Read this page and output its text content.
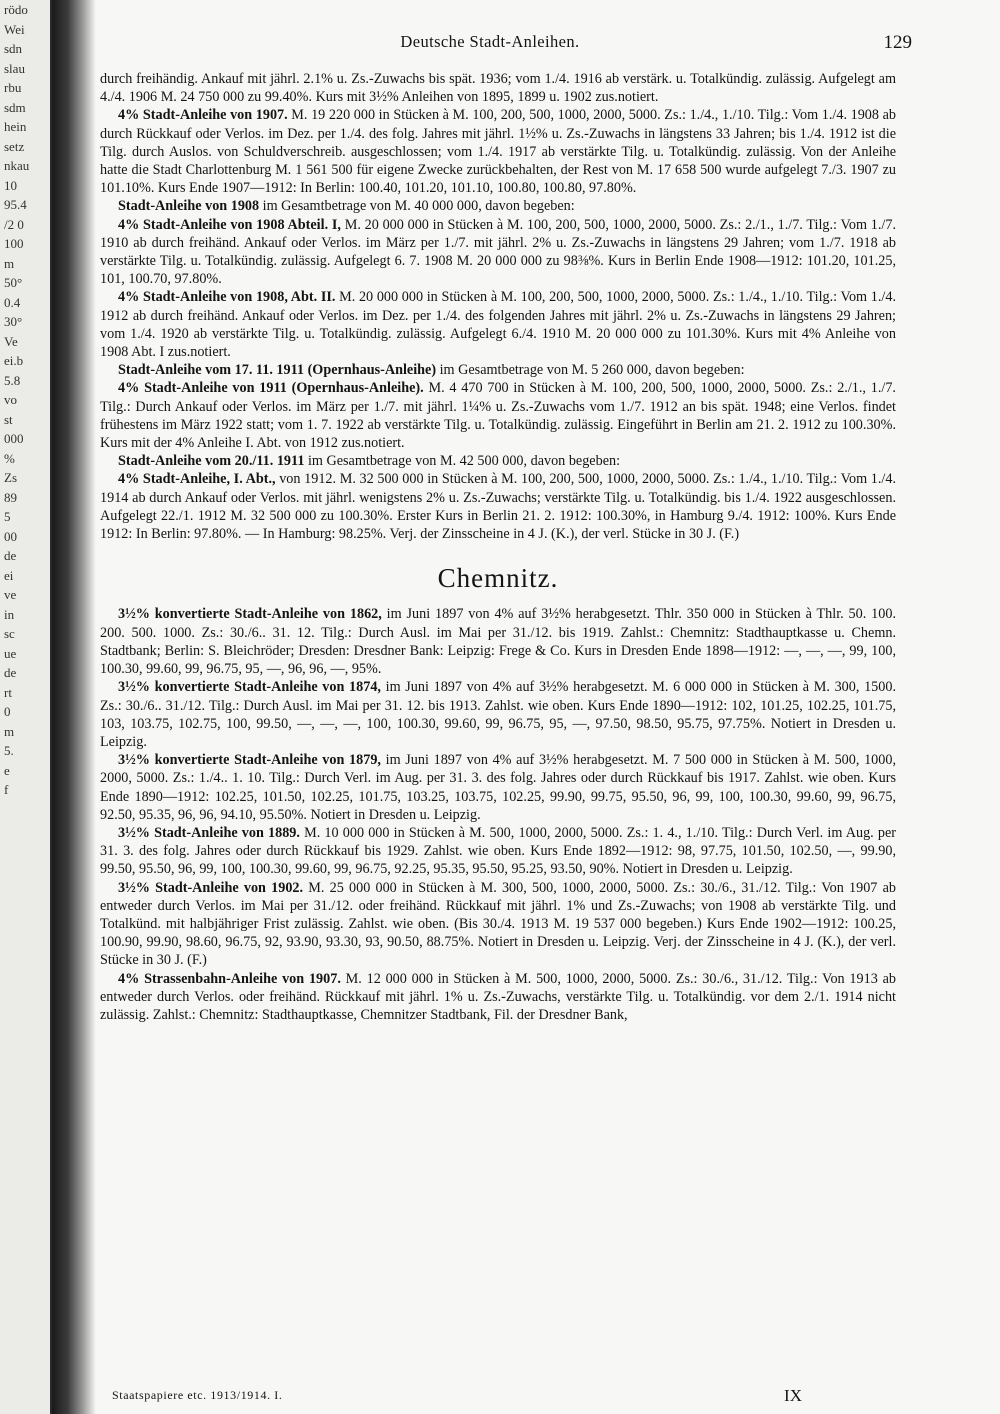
rödo
Wei
sdn
slau
rbu
sdm
hein
setz
nkau
10
95.4
/2 0
100
m
50°
0.4
30°
Ve
ei.b
5.8
vo
st
000
%
Zs
89
5
00
de
ei
ve
in
sc
ue
de
rt
0
m
5.
e
f
Deutsche Stadt-Anleihen.	129

durch freihändig. Ankauf mit jährl. 2.1% u. Zs.-Zuwachs bis spät. 1936; vom 1./4. 1916 ab verstärk. u. Totalkündig. zulässig. Aufgelegt am 4./4. 1906 M. 24 750 000 zu 99.40%. Kurs mit 3½% Anleihen von 1895, 1899 u. 1902 zus.notiert.

4% Stadt-Anleihe von 1907. M. 19 220 000 in Stücken à M. 100, 200, 500, 1000, 2000, 5000. Zs.: 1./4., 1./10. Tilg.: Vom 1./4. 1908 ab durch Rückkauf oder Verlos. im Dez. per 1./4. des folg. Jahres mit jährl. 1½% u. Zs.-Zuwachs in längstens 33 Jahren; bis 1./4. 1912 ist die Tilg. durch Auslos. von Schuldverschreib. ausgeschlossen; vom 1./4. 1917 ab verstärkte Tilg. u. Totalkündig. zulässig. Von der Anleihe hatte die Stadt Charlottenburg M. 1 561 500 für eigene Zwecke zurückbehalten, der Rest von M. 17 658 500 wurde aufgelegt 7./3. 1907 zu 101.10%. Kurs Ende 1907—1912: In Berlin: 100.40, 101.20, 101.10, 100.80, 100.80, 97.80%.

Stadt-Anleihe von 1908 im Gesamtbetrage von M. 40 000 000, davon begeben:

4% Stadt-Anleihe von 1908 Abteil. I, M. 20 000 000 in Stücken à M. 100, 200, 500, 1000, 2000, 5000. Zs.: 2./1., 1./7. Tilg.: Vom 1./7. 1910 ab durch freihänd. Ankauf oder Verlos. im März per 1./7. mit jährl. 2% u. Zs.-Zuwachs in längstens 29 Jahren; vom 1./7. 1918 ab verstärkte Tilg. u. Totalkündig. zulässig. Aufgelegt 6. 7. 1908 M. 20 000 000 zu 98⅜%. Kurs in Berlin Ende 1908—1912: 101.20, 101.25, 101, 100.70, 97.80%.

4% Stadt-Anleihe von 1908, Abt. II. M. 20 000 000 in Stücken à M. 100, 200, 500, 1000, 2000, 5000. Zs.: 1./4., 1./10. Tilg.: Vom 1./4. 1912 ab durch freihänd. Ankauf oder Verlos. im Dez. per 1./4. des folgenden Jahres mit jährl. 2% u. Zs.-Zuwachs in längstens 29 Jahren; vom 1./4. 1920 ab verstärkte Tilg. u. Totalkündig. zulässig. Aufgelegt 6./4. 1910 M. 20 000 000 zu 101.30%. Kurs mit 4% Anleihe von 1908 Abt. I zus.notiert.

Stadt-Anleihe vom 17. 11. 1911 (Opernhaus-Anleihe) im Gesamtbetrage von M. 5 260 000, davon begeben:

4% Stadt-Anleihe von 1911 (Opernhaus-Anleihe). M. 4 470 700 in Stücken à M. 100, 200, 500, 1000, 2000, 5000. Zs.: 2./1., 1./7. Tilg.: Durch Ankauf oder Verlos. im März per 1./7. mit jährl. 1¼% u. Zs.-Zuwachs vom 1./7. 1912 an bis spät. 1948; eine Verlos. findet frühestens im März 1922 statt; vom 1. 7. 1922 ab verstärkte Tilg. u. Totalkündig. zulässig. Eingeführt in Berlin am 21. 2. 1912 zu 100.30%. Kurs mit der 4% Anleihe I. Abt. von 1912 zus.notiert.

Stadt-Anleihe vom 20./11. 1911 im Gesamtbetrage von M. 42 500 000, davon begeben:

4% Stadt-Anleihe, I. Abt., von 1912. M. 32 500 000 in Stücken à M. 100, 200, 500, 1000, 2000, 5000. Zs.: 1./4., 1./10. Tilg.: Vom 1./4. 1914 ab durch Ankauf oder Verlos. mit jährl. wenigstens 2% u. Zs.-Zuwachs; verstärkte Tilg. u. Totalkündig. bis 1./4. 1922 ausgeschlossen. Aufgelegt 22./1. 1912 M. 32 500 000 zu 100.30%. Erster Kurs in Berlin 21. 2. 1912: 100.30%, in Hamburg 9./4. 1912: 100%. Kurs Ende 1912: In Berlin: 97.80%. — In Hamburg: 98.25%. Verj. der Zinsscheine in 4 J. (K.), der verl. Stücke in 30 J. (F.)

Chemnitz.

3½% konvertierte Stadt-Anleihe von 1862, im Juni 1897 von 4% auf 3½% herabgesetzt. Thlr. 350 000 in Stücken à Thlr. 50. 100. 200. 500. 1000. Zs.: 30./6.. 31. 12. Tilg.: Durch Ausl. im Mai per 31./12. bis 1919. Zahlst.: Chemnitz: Stadthauptkasse u. Chemn. Stadtbank; Berlin: S. Bleichröder; Dresden: Dresdner Bank: Leipzig: Frege & Co. Kurs in Dresden Ende 1898—1912: —, —, —, 99, 100, 100.30, 99.60, 99, 96.75, 95, —, 96, 96, —, 95%.

3½% konvertierte Stadt-Anleihe von 1874, im Juni 1897 von 4% auf 3½% herabgesetzt. M. 6 000 000 in Stücken à M. 300, 1500. Zs.: 30./6.. 31./12. Tilg.: Durch Ausl. im Mai per 31. 12. bis 1913. Zahlst. wie oben. Kurs Ende 1890—1912: 102, 101.25, 102.25, 101.75, 103, 103.75, 102.75, 100, 99.50, —, —, —, 100, 100.30, 99.60, 99, 96.75, 95, —, 97.50, 98.50, 95.75, 97.75%. Notiert in Dresden u. Leipzig.

3½% konvertierte Stadt-Anleihe von 1879, im Juni 1897 von 4% auf 3½% herabgesetzt. M. 7 500 000 in Stücken à M. 500, 1000, 2000, 5000. Zs.: 1./4.. 1. 10. Tilg.: Durch Verl. im Aug. per 31. 3. des folg. Jahres oder durch Rückkauf bis 1917. Zahlst. wie oben. Kurs Ende 1890—1912: 102.25, 101.50, 102.25, 101.75, 103.25, 103.75, 102.25, 99.90, 99.75, 95.50, 96, 99, 100, 100.30, 99.60, 99, 96.75, 92.50, 95.35, 96, 96, 94.10, 95.50%. Notiert in Dresden u. Leipzig.

3½% Stadt-Anleihe von 1889. M. 10 000 000 in Stücken à M. 500, 1000, 2000, 5000. Zs.: 1. 4., 1./10. Tilg.: Durch Verl. im Aug. per 31. 3. des folg. Jahres oder durch Rückkauf bis 1929. Zahlst. wie oben. Kurs Ende 1892—1912: 98, 97.75, 101.50, 102.50, —, 99.90, 99.50, 95.50, 96, 99, 100, 100.30, 99.60, 99, 96.75, 92.25, 95.35, 95.50, 95.25, 93.50, 90%. Notiert in Dresden u. Leipzig.

3½% Stadt-Anleihe von 1902. M. 25 000 000 in Stücken à M. 300, 500, 1000, 2000, 5000. Zs.: 30./6., 31./12. Tilg.: Von 1907 ab entweder durch Verlos. im Mai per 31./12. oder freihänd. Rückkauf mit jährl. 1% und Zs.-Zuwachs; von 1908 ab verstärkte Tilg. und Totalkünd. mit halbjähriger Frist zulässig. Zahlst. wie oben. (Bis 30./4. 1913 M. 19 537 000 begeben.) Kurs Ende 1902—1912: 100.25, 100.90, 99.90, 98.60, 96.75, 92, 93.90, 93.30, 93, 90.50, 88.75%. Notiert in Dresden u. Leipzig. Verj. der Zinsscheine in 4 J. (K.), der verl. Stücke in 30 J. (F.)

4% Strassenbahn-Anleihe von 1907. M. 12 000 000 in Stücken à M. 500, 1000, 2000, 5000. Zs.: 30./6., 31./12. Tilg.: Von 1913 ab entweder durch Verlos. oder freihänd. Rückkauf mit jährl. 1% u. Zs.-Zuwachs, verstärkte Tilg. u. Totalkündig. vor dem 2./1. 1914 nicht zulässig. Zahlst.: Chemnitz: Stadthauptkasse, Chemnitzer Stadtbank, Fil. der Dresdner Bank,

Staatspapiere etc. 1913/1914. I.	IX
